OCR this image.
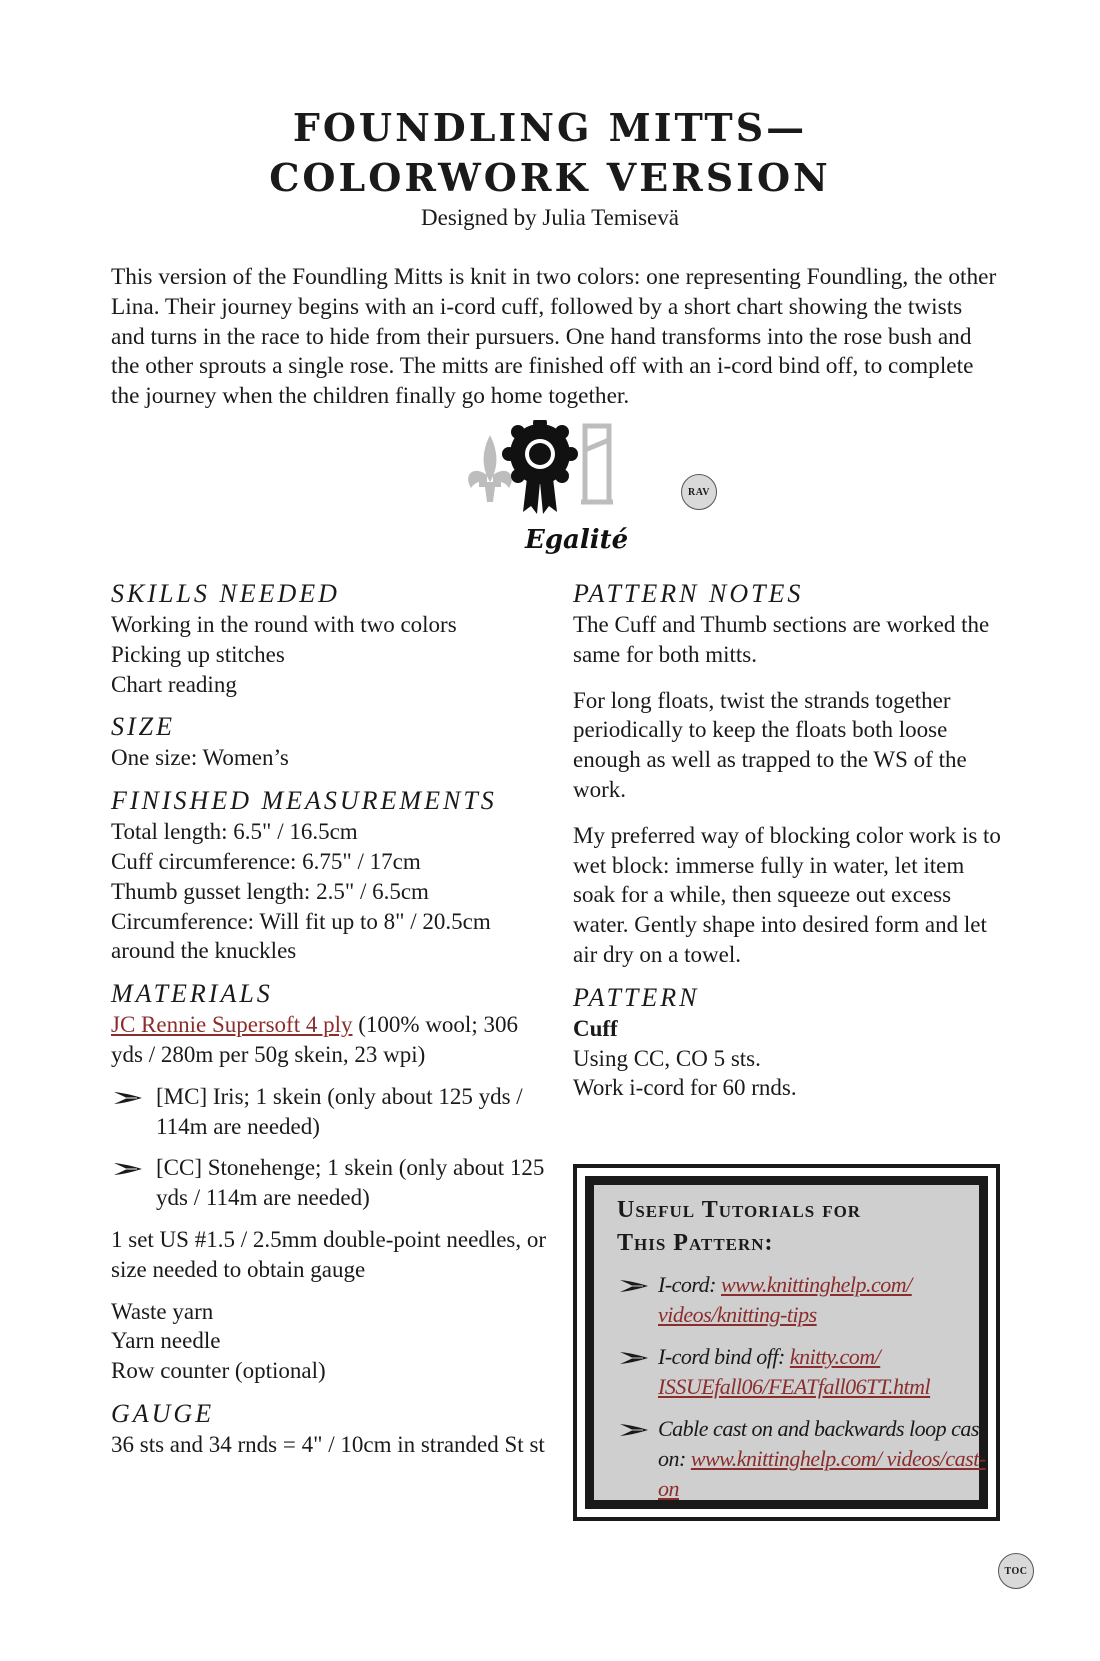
FOUNDLING MITTS—
COLORWORK VERSION
Designed by Julia Temisevä

This version of the Foundling Mitts is knit in two colors: one representing Foundling, the other Lina. Their journey begins with an i-cord cuff, followed by a short chart showing the twists and turns in the race to hide from their pursuers. One hand transforms into the rose bush and the other sprouts a single rose. The mitts are finished off with an i-cord bind off, to complete the journey when the children finally go home together.

Egalité
RAV
SKILLS NEEDED

Working in the round with two colors

Picking up stitches

Chart reading

SIZE

One size: Women’s

FINISHED MEASUREMENTS

Total length: 6.5" / 16.5cm

Cuff circumference: 6.75" / 17cm

Thumb gusset length: 2.5" / 6.5cm

Circumference: Will fit up to 8" / 20.5cm around the knuckles

MATERIALS

JC Rennie Supersoft 4 ply (100% wool; 306 yds / 280m per 50g skein, 23 wpi)

[MC] Iris; 1 skein (only about 125 yds / 114m are needed)

[CC] Stonehenge; 1 skein (only about 125 yds / 114m are needed)

1 set US #1.5 / 2.5mm double-point needles, or size needed to obtain gauge

Waste yarn

Yarn needle

Row counter (optional)

GAUGE

36 sts and 34 rnds = 4" / 10cm in stranded St st

PATTERN NOTES

The Cuff and Thumb sections are worked the same for both mitts.

For long floats, twist the strands together periodically to keep the floats both loose enough as well as trapped to the WS of the work.

My preferred way of blocking color work is to wet block: immerse fully in water, let item soak for a while, then squeeze out excess water. Gently shape into desired form and let air dry on a towel.

PATTERN

Cuff

Using CC, CO 5 sts.

Work i-cord for 60 rnds.

Useful Tutorials for
This Pattern:

I-cord: www.knittinghelp.com/ videos/knitting-tips

I-cord bind off: knitty.com/ ISSUEfall06/FEATfall06TT.html

Cable cast on and backwards loop cast on: www.knittinghelp.com/ videos/cast-on

TOC
